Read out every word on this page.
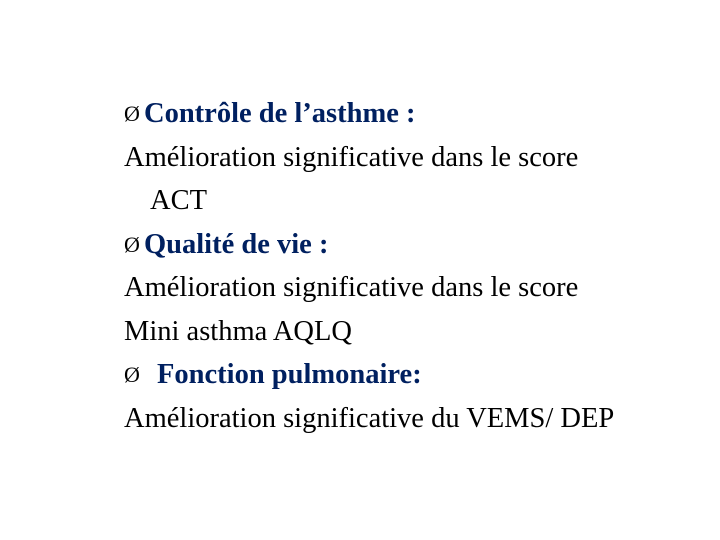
Ø Contrôle de l’asthme :
Amélioration significative dans le score
ACT
Ø Qualité de vie :
Amélioration significative dans le score
Mini asthma AQLQ
Ø Fonction pulmonaire:
Amélioration significative du VEMS/ DEP
